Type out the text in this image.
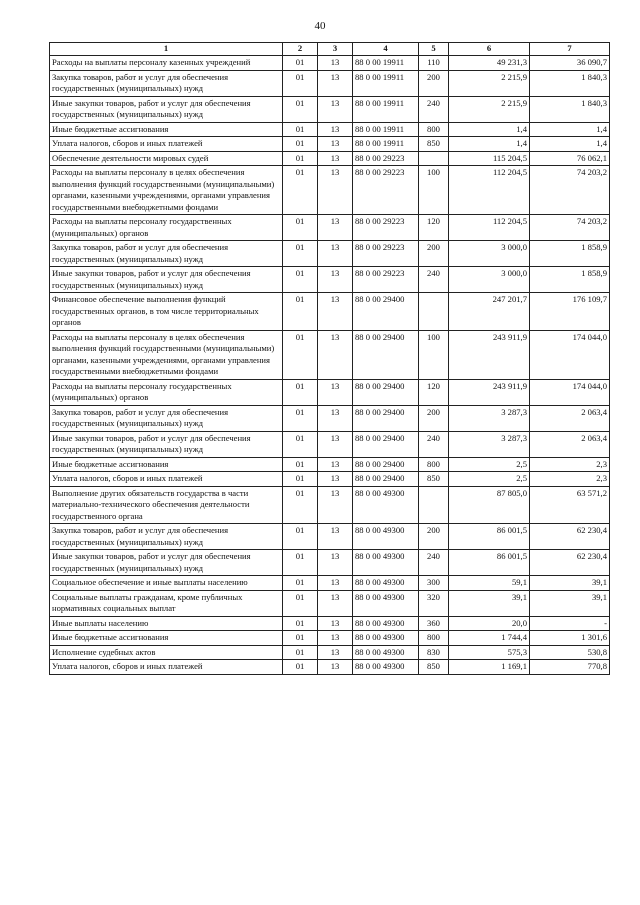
40
1	2	3	4	5	6	7
Расходы на выплаты персоналу казенных учреждений	01	13	88 0 00 19911	110	49 231,3	36 090,7
Закупка товаров, работ и услуг для обеспечения государственных (муниципальных) нужд	01	13	88 0 00 19911	200	2 215,9	1 840,3
Иные закупки товаров, работ и услуг для обеспечения государственных (муниципальных) нужд	01	13	88 0 00 19911	240	2 215,9	1 840,3
Иные бюджетные ассигнования	01	13	88 0 00 19911	800	1,4	1,4
Уплата налогов, сборов и иных платежей	01	13	88 0 00 19911	850	1,4	1,4
Обеспечение деятельности мировых судей	01	13	88 0 00 29223		115 204,5	76 062,1
Расходы на выплаты персоналу в целях обеспечения выполнения функций государственными (муниципальными) органами, казенными учреждениями, органами управления государственными внебюджетными фондами	01	13	88 0 00 29223	100	112 204,5	74 203,2
Расходы на выплаты персоналу государственных (муниципальных) органов	01	13	88 0 00 29223	120	112 204,5	74 203,2
Закупка товаров, работ и услуг для обеспечения государственных (муниципальных) нужд	01	13	88 0 00 29223	200	3 000,0	1 858,9
Иные закупки товаров, работ и услуг для обеспечения государственных (муниципальных) нужд	01	13	88 0 00 29223	240	3 000,0	1 858,9
Финансовое обеспечение выполнения функций государственных органов, в том числе территориальных органов	01	13	88 0 00 29400		247 201,7	176 109,7
Расходы на выплаты персоналу в целях обеспечения выполнения функций государственными (муниципальными) органами, казенными учреждениями, органами управления государственными внебюджетными фондами	01	13	88 0 00 29400	100	243 911,9	174 044,0
Расходы на выплаты персоналу государственных (муниципальных) органов	01	13	88 0 00 29400	120	243 911,9	174 044,0
Закупка товаров, работ и услуг для обеспечения государственных (муниципальных) нужд	01	13	88 0 00 29400	200	3 287,3	2 063,4
Иные закупки товаров, работ и услуг для обеспечения государственных (муниципальных) нужд	01	13	88 0 00 29400	240	3 287,3	2 063,4
Иные бюджетные ассигнования	01	13	88 0 00 29400	800	2,5	2,3
Уплата налогов, сборов и иных платежей	01	13	88 0 00 29400	850	2,5	2,3
Выполнение других обязательств государства в части материально-технического обеспечения деятельности государственного органа	01	13	88 0 00 49300		87 805,0	63 571,2
Закупка товаров, работ и услуг для обеспечения государственных (муниципальных) нужд	01	13	88 0 00 49300	200	86 001,5	62 230,4
Иные закупки товаров, работ и услуг для обеспечения государственных (муниципальных) нужд	01	13	88 0 00 49300	240	86 001,5	62 230,4
Социальное обеспечение и иные выплаты населению	01	13	88 0 00 49300	300	59,1	39,1
Социальные выплаты гражданам, кроме публичных нормативных социальных выплат	01	13	88 0 00 49300	320	39,1	39,1
Иные выплаты населению	01	13	88 0 00 49300	360	20,0	-
Иные бюджетные ассигнования	01	13	88 0 00 49300	800	1 744,4	1 301,6
Исполнение судебных актов	01	13	88 0 00 49300	830	575,3	530,8
Уплата налогов, сборов и иных платежей	01	13	88 0 00 49300	850	1 169,1	770,8
